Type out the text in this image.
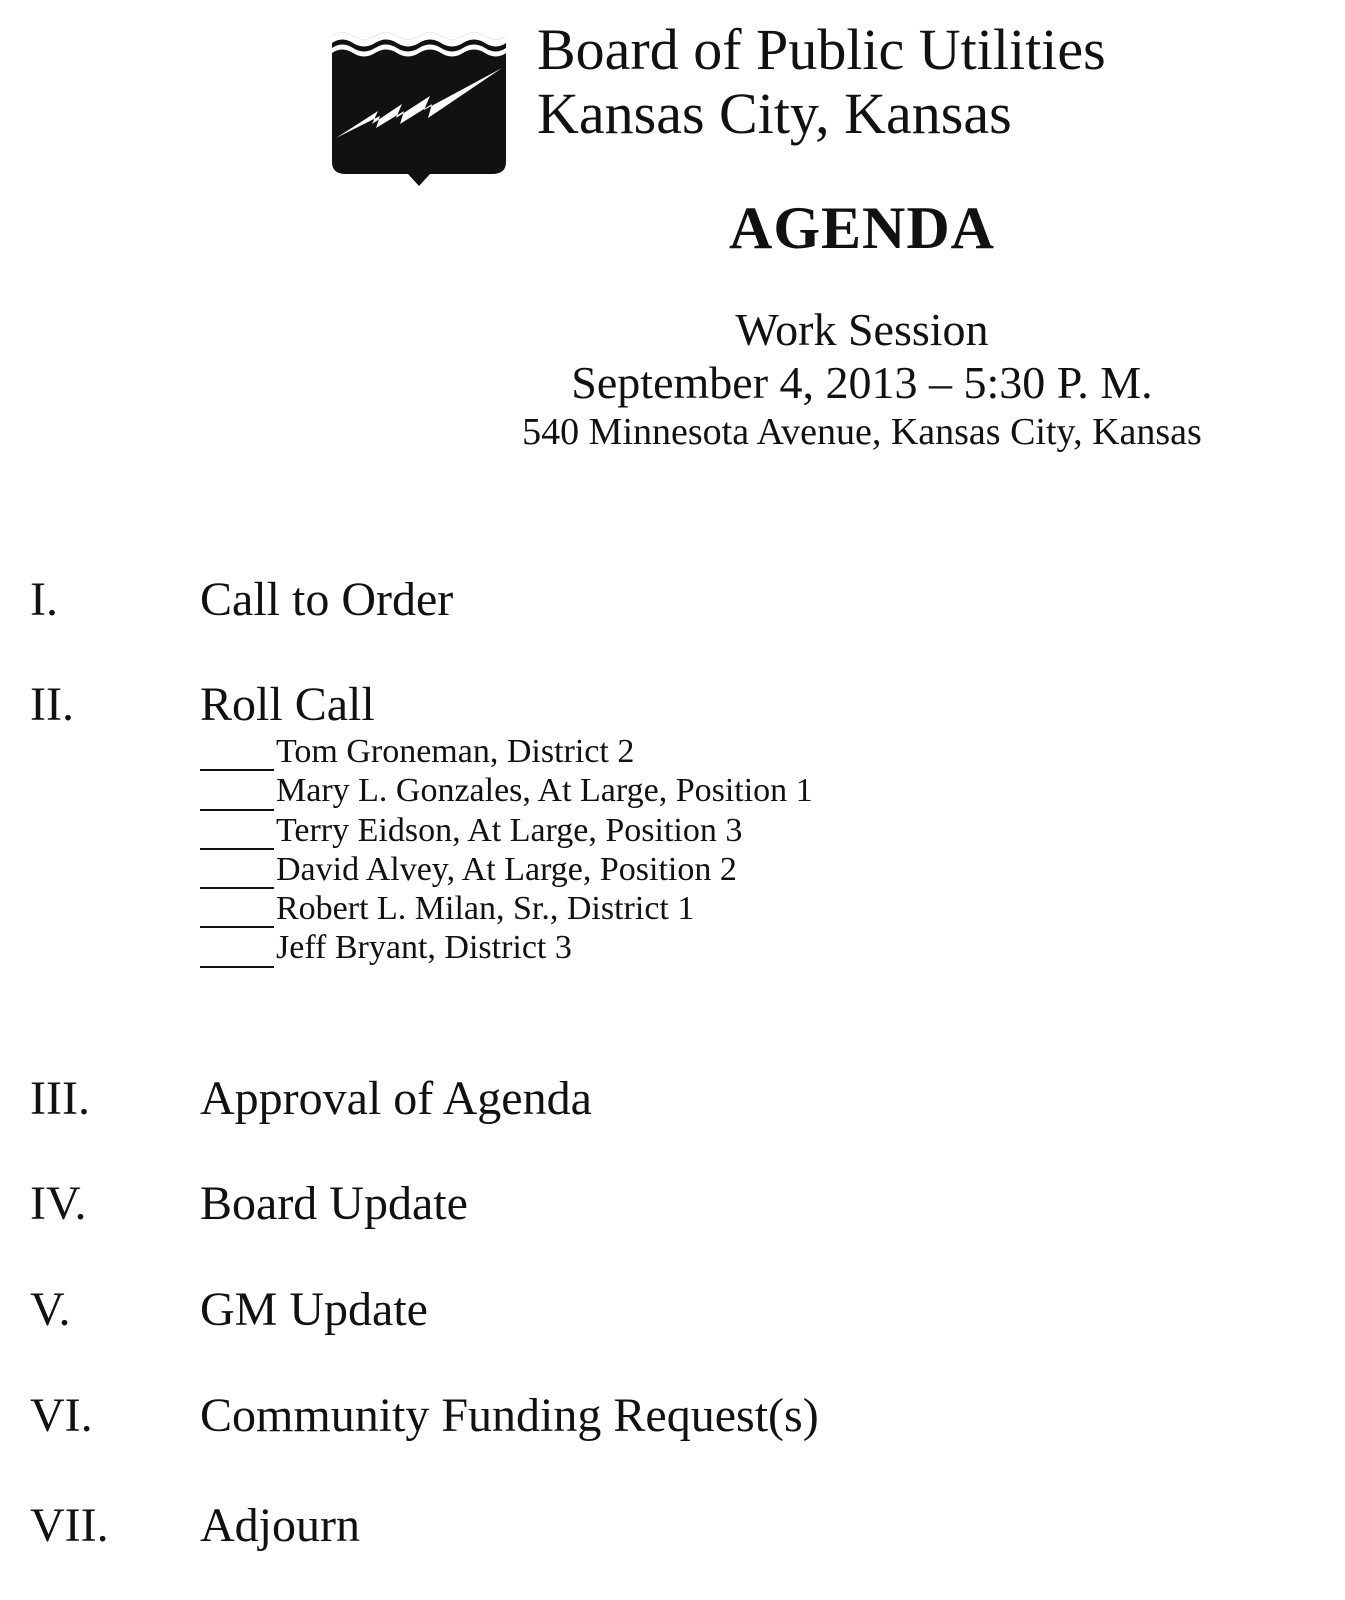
Board of Public Utilities
Kansas City, Kansas
AGENDA
Work Session
September 4, 2013 – 5:30 P. M.
540 Minnesota Avenue, Kansas City, Kansas
I.	Call to Order
II.	Roll Call
Tom Groneman, District 2
Mary L. Gonzales, At Large, Position 1
Terry Eidson, At Large, Position 3
David Alvey, At Large, Position 2
Robert L. Milan, Sr., District 1
Jeff Bryant, District 3
III. Approval of Agenda
IV. Board Update
V.	GM Update
VI. Community Funding Request(s)
VII. Adjourn
